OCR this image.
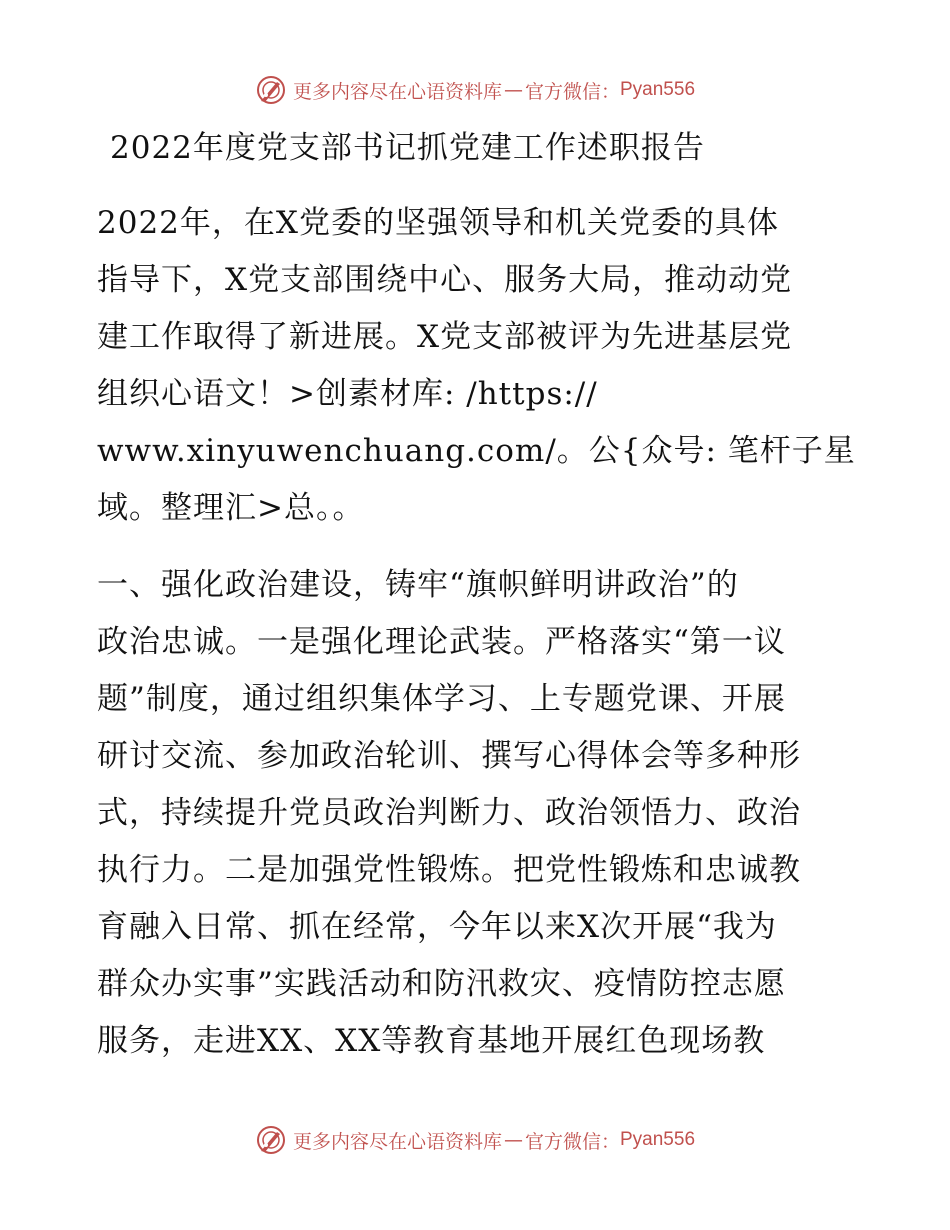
更多内容尽在心语资料库 — 官方微信： Pyan556
2022年度党支部书记抓党建工作述职报告
2022年，在X党委的坚强领导和机关党委的具体
指导下，X党支部围绕中心、服务大局，推动动党
建工作取得了新进展。X党支部被评为先进基层党
组织心语文！>创素材库: /https://
www.xinyuwenchuang.com/。公{众号: 笔杆子星
域。整理汇>总。。
一、强化政治建设，铸牢“旗帜鲜明讲政治”的
政治忠诚。一是强化理论武装。严格落实“第一议
题”制度，通过组织集体学习、上专题党课、开展
研讨交流、参加政治轮训、撰写心得体会等多种形
式，持续提升党员政治判断力、政治领悟力、政治
执行力。二是加强党性锻炼。把党性锻炼和忠诚教
育融入日常、抓在经常，今年以来X次开展“我为
群众办实事”实践活动和防汛救灾、疫情防控志愿
服务，走进XX、XX等教育基地开展红色现场教
更多内容尽在心语资料库 — 官方微信： Pyan556
